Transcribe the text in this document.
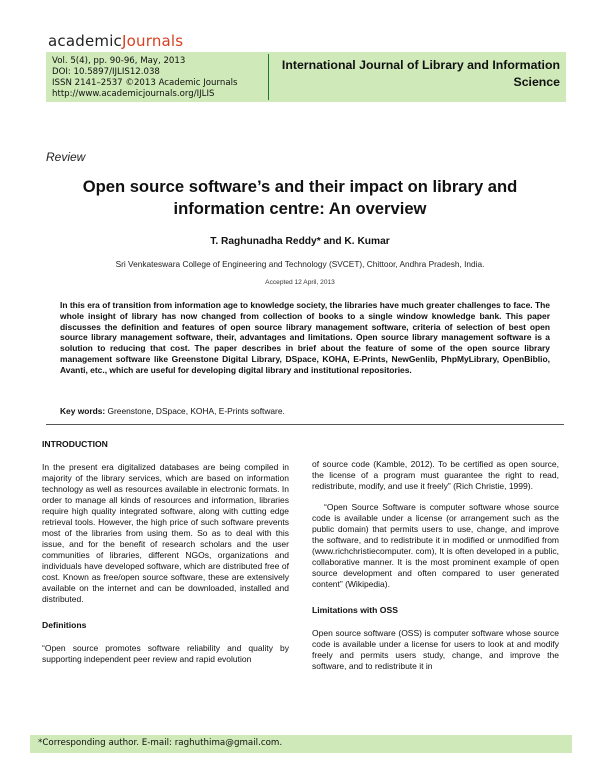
academicJournals
Vol. 5(4), pp. 90-96, May, 2013
DOI: 10.5897/IJLIS12.038
ISSN 2141–2537 ©2013 Academic Journals
http://www.academicjournals.org/IJLIS
International Journal of Library and Information Science
Review
Open source software’s and their impact on library and information centre: An overview
T. Raghunadha Reddy* and K. Kumar
Sri Venkateswara College of Engineering and Technology (SVCET), Chittoor, Andhra Pradesh, India.
Accepted 12 April, 2013
In this era of transition from information age to knowledge society, the libraries have much greater challenges to face. The whole insight of library has now changed from collection of books to a single window knowledge bank. This paper discusses the definition and features of open source library management software, criteria of selection of best open source library management software, their, advantages and limitations. Open source library management software is a solution to reducing that cost. The paper describes in brief about the feature of some of the open source library management software like Greenstone Digital Library, DSpace, KOHA, E-Prints, NewGenlib, PhpMyLibrary, OpenBiblio, Avanti, etc., which are useful for developing digital library and institutional repositories.
Key words: Greenstone, DSpace, KOHA, E-Prints software.
INTRODUCTION
In the present era digitalized databases are being compiled in majority of the library services, which are based on information technology as well as resources available in electronic formats. In order to manage all kinds of resources and information, libraries require high quality integrated software, along with cutting edge retrieval tools. However, the high price of such software prevents most of the libraries from using them. So as to deal with this issue, and for the benefit of research scholars and the user communities of libraries, different NGOs, organizations and individuals have developed software, which are distributed free of cost. Known as free/open source software, these are extensively available on the internet and can be downloaded, installed and distributed.
Definitions
“Open source promotes software reliability and quality by supporting independent peer review and rapid evolution
of source code (Kamble, 2012). To be certified as open source, the license of a program must guarantee the right to read, redistribute, modify, and use it freely” (Rich Christie, 1999).
“Open Source Software is computer software whose source code is available under a license (or arrangement such as the public domain) that permits users to use, change, and improve the software, and to redistribute it in modified or unmodified from (www.richchristiecomputer. com), It is often developed in a public, collaborative manner. It is the most prominent example of open source development and often compared to user generated content” (Wikipedia).
Limitations with OSS
Open source software (OSS) is computer software whose source code is available under a license for users to look at and modify freely and permits users study, change, and improve the software, and to redistribute it in
*Corresponding author. E-mail: raghuthima@gmail.com.
